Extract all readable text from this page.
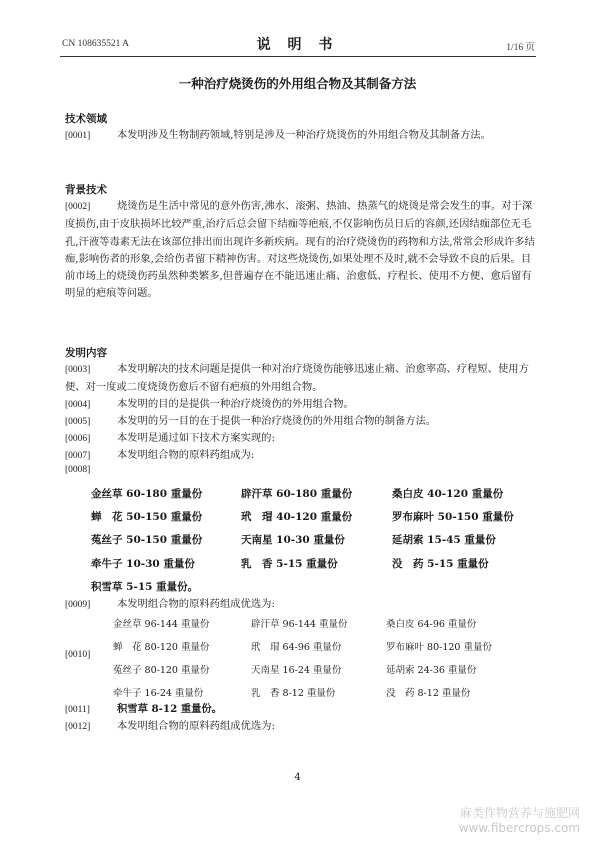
CN 108635521 A	说 明 书	1/16 页
一种治疗烧烫伤的外用组合物及其制备方法
技术领域
[0001]	本发明涉及生物制药领域,特别是涉及一种治疗烧烫伤的外用组合物及其制备方法。
背景技术
[0002]	烧烫伤是生活中常见的意外伤害,沸水、滚粥、热油、热蒸气的烧烫是常会发生的事。对于深度损伤,由于皮肤损坏比较严重,治疗后总会留下结痂等疤痕,不仅影响伤员日后的容颜,还因结痂部位无毛孔,汗液等毒素无法在该部位排出而出现许多新疾病。现有的治疗烧烫伤的药物和方法,常常会形成许多结痂,影响伤者的形象,会给伤者留下精神伤害。对这些烧烫伤,如果处理不及时,就不会导致不良的后果。目前市场上的烧烫伤药虽然种类繁多,但普遍存在不能迅速止痛、治愈低、疗程长、使用不方便、愈后留有明显的疤痕等问题。
发明内容
[0003]	本发明解决的技术问题是提供一种对治疗烧烫伤能够迅速止痛、治愈率高、疗程短、使用方便、对一度或二度烧烫伤愈后不留有疤痕的外用组合物。
[0004]	本发明的目的是提供一种治疗烧烫伤的外用组合物。
[0005]	本发明的另一目的在于提供一种治疗烧烫伤的外用组合物的制备方法。
[0006]	本发明是通过如下技术方案实现的:
[0007]	本发明组合物的原料药组成为:
[0008]
金丝草 60-180 重量份	辟汗草 60-180 重量份	桑白皮 40-120 重量份
蝉　花 50-150 重量份	玳　瑁 40-120 重量份	罗布麻叶 50-150 重量份
菟丝子 50-150 重量份	天南星 10-30 重量份	延胡索 15-45 重量份
牵牛子 10-30 重量份	乳　香 5-15 重量份	没　药 5-15 重量份
积雪草 5-15 重量份。
[0009]	本发明组合物的原料药组成优选为:
[0010]
金丝草 96-144 重量份	辟汗草 96-144 重量份	桑白皮 64-96 重量份
蝉　花 80-120 重量份	玳　瑁 64-96 重量份	罗布麻叶 80-120 重量份
菟丝子 80-120 重量份	天南星 16-24 重量份	延胡索 24-36 重量份
牵牛子 16-24 重量份	乳　香 8-12 重量份	没　药 8-12 重量份
[0011]	积雪草 8-12 重量份。
[0012]	本发明组合物的原料药组成优选为:
4
麻类作物营养与施肥网
www.fibercrops.com
